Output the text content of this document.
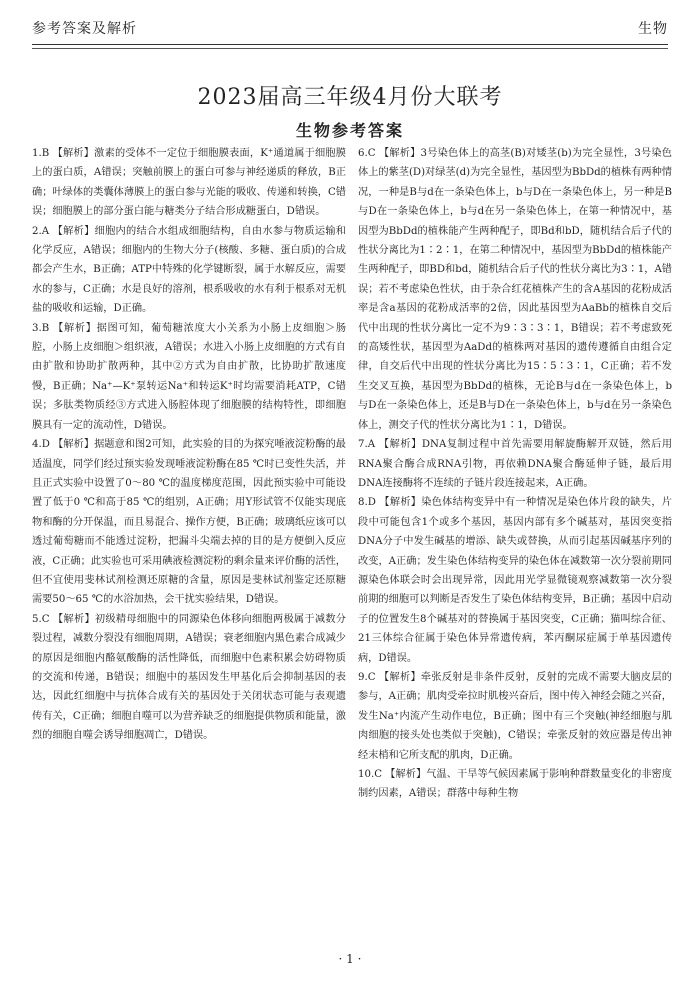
参考答案及解析	生物
2023届高三年级4月份大联考
生物参考答案

1.B 【解析】激素的受体不一定位于细胞膜表面，K⁺通道属于细胞膜上的蛋白质，A错误；突触前膜上的蛋白可参与神经递质的释放，B正确；叶绿体的类囊体薄膜上的蛋白参与光能的吸收、传递和转换，C错误；细胞膜上的部分蛋白能与糖类分子结合形成糖蛋白，D错误。

2.A 【解析】细胞内的结合水组成细胞结构，自由水参与物质运输和化学反应，A错误；细胞内的生物大分子(核酸、多糖、蛋白质)的合成都会产生水，B正确；ATP中特殊的化学键断裂，属于水解反应，需要水的参与，C正确；水是良好的溶剂，根系吸收的水有利于根系对无机盐的吸收和运输，D正确。

3.B 【解析】据图可知，葡萄糖浓度大小关系为小肠上皮细胞＞肠腔，小肠上皮细胞＞组织液，A错误；水进入小肠上皮细胞的方式有自由扩散和协助扩散两种，其中②方式为自由扩散，比协助扩散速度慢，B正确；Na⁺—K⁺泵转运Na⁺和转运K⁺时均需要消耗ATP，C错误；多肽类物质经③方式进入肠腔体现了细胞膜的结构特性，即细胞膜具有一定的流动性，D错误。

4.D 【解析】据题意和图2可知，此实验的目的为探究唾液淀粉酶的最适温度，同学们经过预实验发现唾液淀粉酶在85 ℃时已变性失活，并且正式实验中设置了0～80 ℃的温度梯度范围，因此预实验中可能设置了低于0 ℃和高于85 ℃的组别，A正确；用Y形试管不仅能实现底物和酶的分开保温，而且易混合、操作方便，B正确；玻璃纸应该可以透过葡萄糖而不能透过淀粉，把漏斗尖端去掉的目的是方便倒入反应液，C正确；此实验也可采用碘液检测淀粉的剩余量来评价酶的活性，但不宜使用斐林试剂检测还原糖的含量，原因是斐林试剂鉴定还原糖需要50～65 ℃的水浴加热，会干扰实验结果，D错误。

5.C 【解析】初级精母细胞中的同源染色体移向细胞两极属于减数分裂过程，减数分裂没有细胞周期，A错误；衰老细胞内黑色素合成减少的原因是细胞内酪氨酸酶的活性降低，而细胞中色素积累会妨碍物质的交流和传递，B错误；细胞中的基因发生甲基化后会抑制基因的表达，因此红细胞中与抗体合成有关的基因处于关闭状态可能与表观遗传有关，C正确；细胞自噬可以为营养缺乏的细胞提供物质和能量，激烈的细胞自噬会诱导细胞凋亡，D错误。

6.C 【解析】3号染色体上的高茎(B)对矮茎(b)为完全显性，3号染色体上的紫茎(D)对绿茎(d)为完全显性，基因型为BbDd的植株有两种情况，一种是B与d在一条染色体上，b与D在一条染色体上，另一种是B与D在一条染色体上，b与d在另一条染色体上，在第一种情况中，基因型为BbDd的植株能产生两种配子，即Bd和bD，随机结合后子代的性状分离比为1∶2∶1，在第二种情况中，基因型为BbDd的植株能产生两种配子，即BD和bd，随机结合后子代的性状分离比为3∶1，A错误；若不考虑染色性状，由于杂合红花植株产生的含A基因的花粉成活率是含a基因的花粉成活率的2倍，因此基因型为AaBb的植株自交后代中出现的性状分离比一定不为9∶3∶3∶1，B错误；若不考虑致死的高矮性状，基因型为AaDd的植株两对基因的遗传遵循自由组合定律，自交后代中出现的性状分离比为15∶5∶3∶1，C正确；若不发生交叉互换，基因型为BbDd的植株，无论B与d在一条染色体上，b与D在一条染色体上，还是B与D在一条染色体上，b与d在另一条染色体上，测交子代的性状分离比为1∶1，D错误。

7.A 【解析】DNA复制过程中首先需要用解旋酶解开双链，然后用RNA聚合酶合成RNA引物，再依赖DNA聚合酶延伸子链，最后用DNA连接酶将不连续的子链片段连接起来，A正确。

8.D 【解析】染色体结构变异中有一种情况是染色体片段的缺失，片段中可能包含1个或多个基因，基因内部有多个碱基对，基因突变指DNA分子中发生碱基的增添、缺失或替换，从而引起基因碱基序列的改变，A正确；发生染色体结构变异的染色体在减数第一次分裂前期同源染色体联会时会出现异常，因此用光学显微镜观察减数第一次分裂前期的细胞可以判断是否发生了染色体结构变异，B正确；基因中启动子的位置发生8个碱基对的替换属于基因突变，C正确；猫叫综合征、21三体综合征属于染色体异常遗传病，苯丙酮尿症属于单基因遗传病，D错误。

9.C 【解析】牵张反射是非条件反射，反射的完成不需要大脑皮层的参与，A正确；肌肉受牵拉时肌梭兴奋后，图中传入神经会随之兴奋，发生Na⁺内流产生动作电位，B正确；图中有三个突触(神经细胞与肌肉细胞的接头处也类似于突触)，C错误；牵张反射的效应器是传出神经末梢和它所支配的肌肉，D正确。

10.C 【解析】气温、干旱等气候因素属于影响种群数量变化的非密度制约因素，A错误；群落中每种生物

· 1 ·
